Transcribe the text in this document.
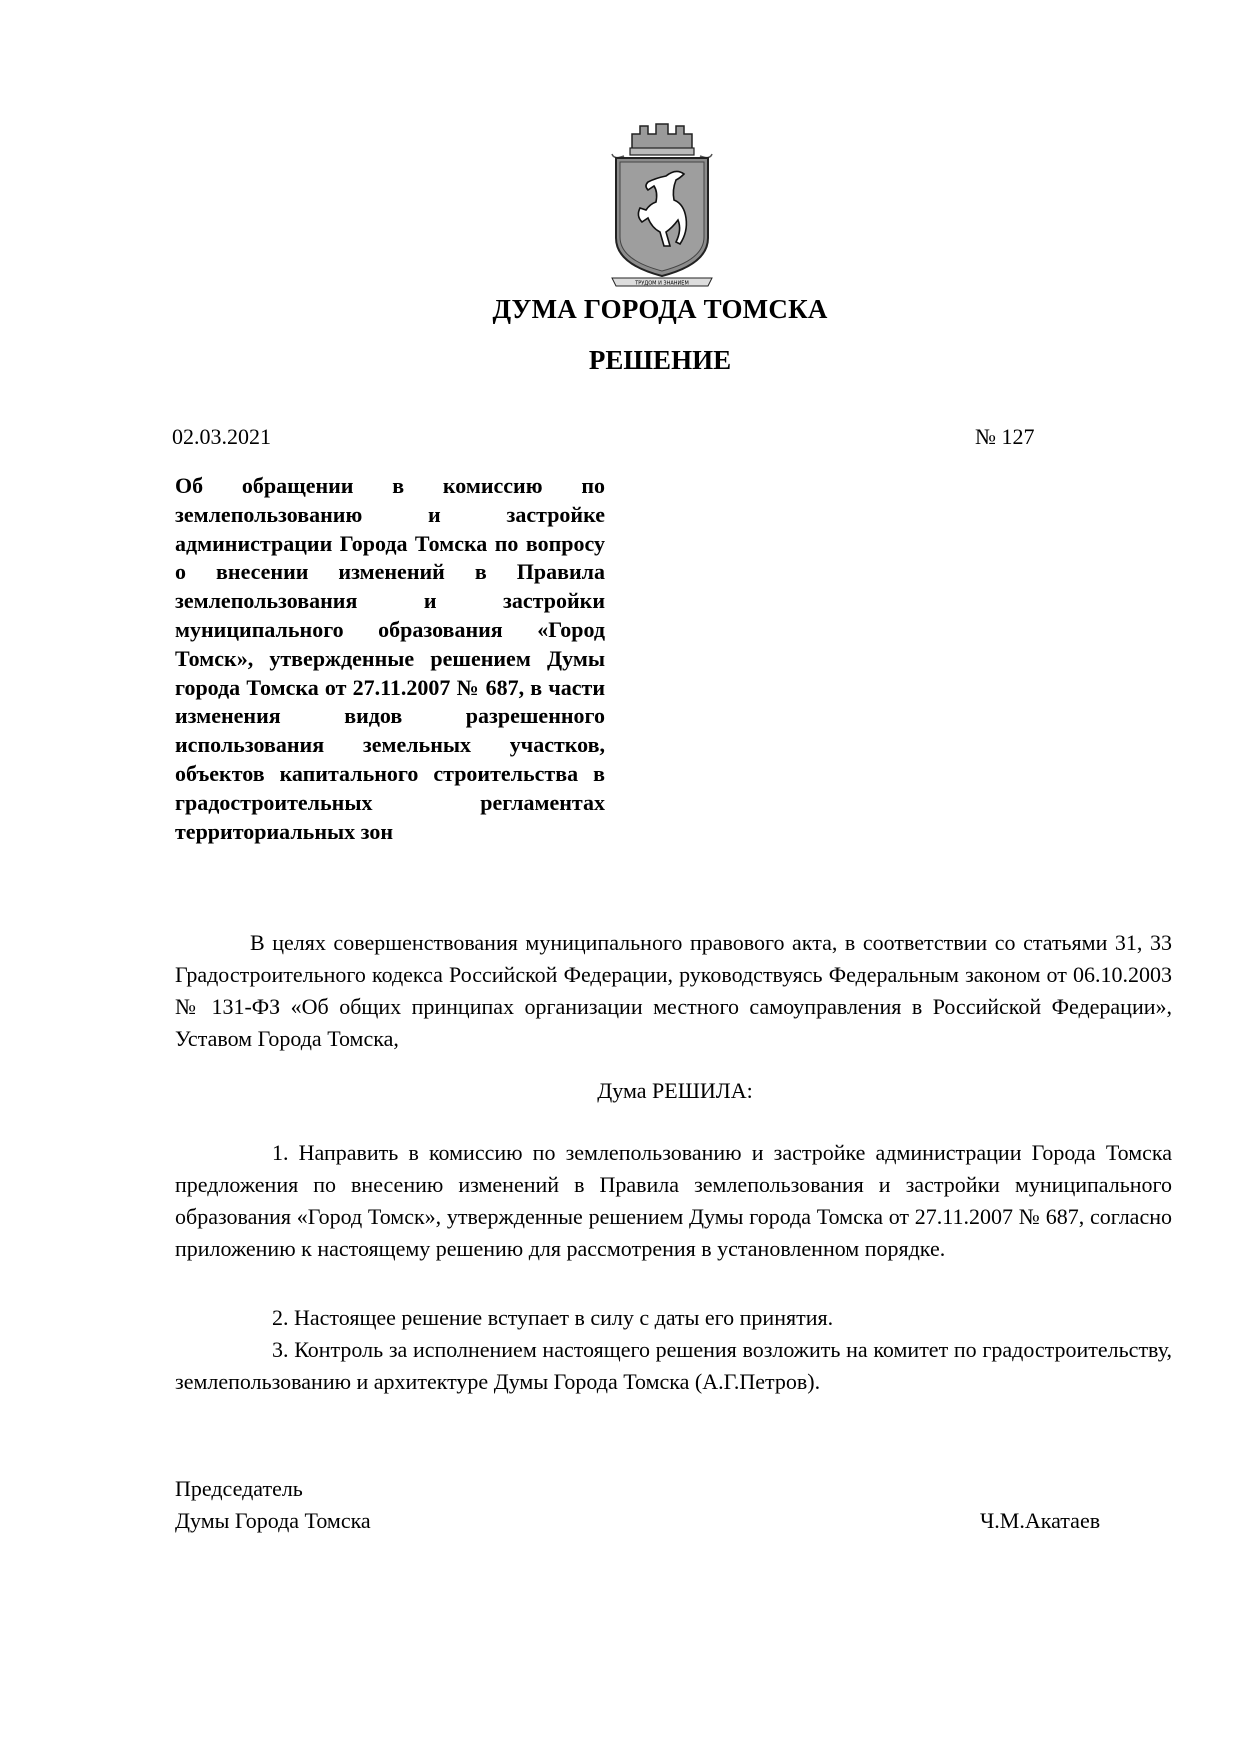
ТРУДОМ И ЗНАНИЕМ
ДУМА ГОРОДА ТОМСКА
РЕШЕНИЕ
02.03.2021	№ 127

Об обращении в комиссию по землепользованию и застройке администрации Города Томска по вопросу о внесении изменений в Правила землепользования и застройки муниципального образования «Город Томск», утвержденные решением Думы города Томска от 27.11.2007 № 687, в части изменения видов разрешенного использования земельных участков, объектов капитального строительства в градостроительных регламентах территориальных зон

В целях совершенствования муниципального правового акта, в соответствии со статьями 31, 33 Градостроительного кодекса Российской Федерации, руководствуясь Федеральным законом от 06.10.2003 № 131-ФЗ «Об общих принципах организации местного самоуправления в Российской Федерации», Уставом Города Томска,

Дума РЕШИЛА:

1. Направить в комиссию по землепользованию и застройке администрации Города Томска предложения по внесению изменений в Правила землепользования и застройки муниципального образования «Город Томск», утвержденные решением Думы города Томска от 27.11.2007 № 687, согласно приложению к настоящему решению для рассмотрения в установленном порядке.

2. Настоящее решение вступает в силу с даты его принятия.

3. Контроль за исполнением настоящего решения возложить на комитет по градостроительству, землепользованию и архитектуре Думы Города Томска (А.Г.Петров).

Председатель
Думы Города Томска	Ч.М.Акатаев
